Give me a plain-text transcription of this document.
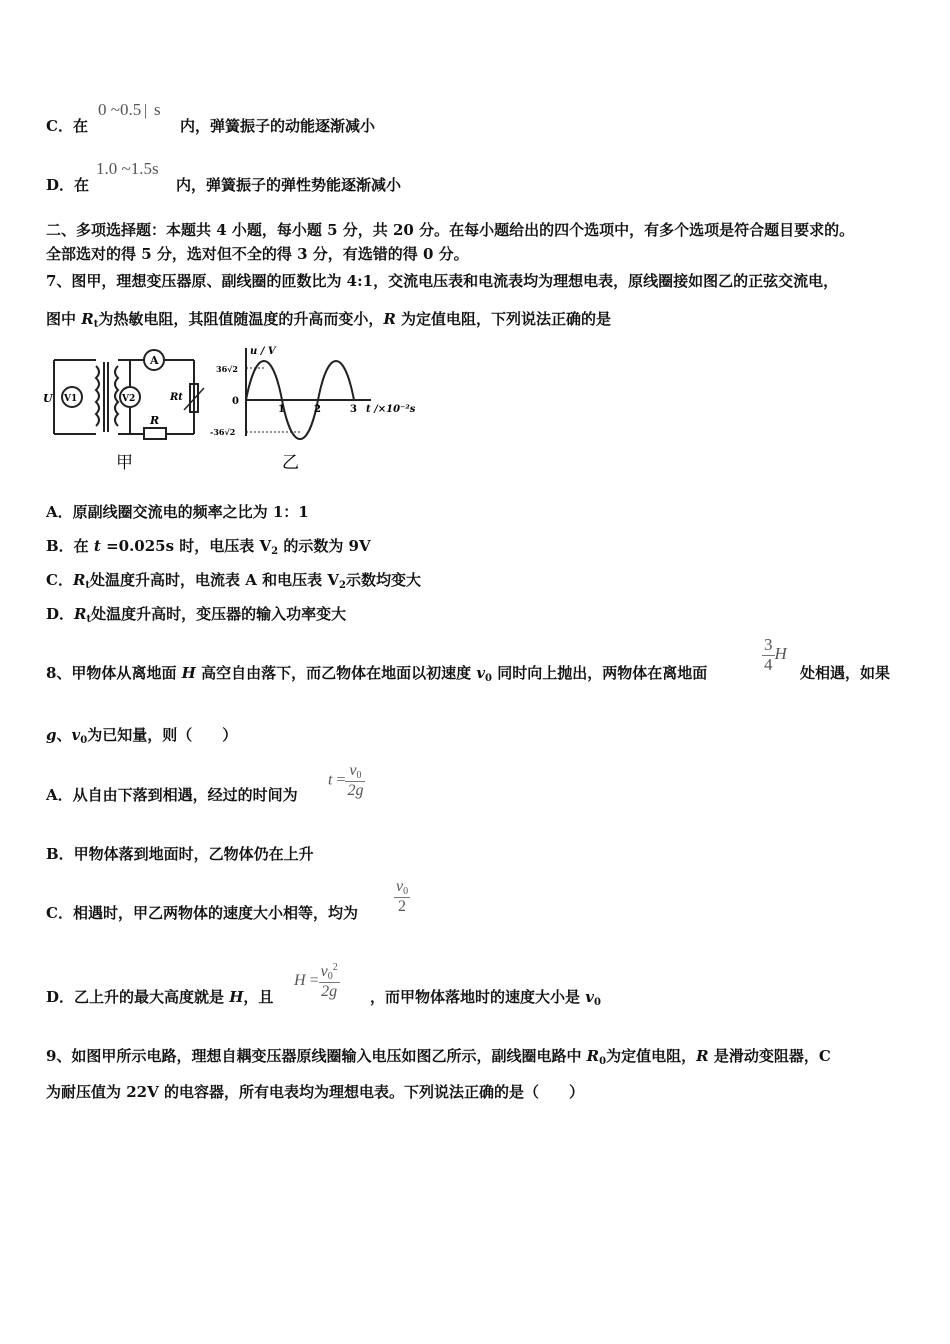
C．在
0 ~0.5│ s
内，弹簧振子的动能逐渐减小
D．在
1.0 ~1.5s
内，弹簧振子的弹性势能逐渐减小
二、多项选择题：本题共 4 小题，每小题 5 分，共 20 分。在每小题给出的四个选项中，有多个选项是符合题目要求的。
全部选对的得 5 分，选对但不全的得 3 分，有选错的得 0 分。
7、图甲，理想变压器原、副线圈的匝数比为 4:1，交流电压表和电流表均为理想电表，原线圈接如图乙的正弦交流电，
图中 $R_t$为热敏电阻，其阻值随温度的升高而变小，R 为定值电阻，下列说法正确的是
U V1	V2
A
R
Rt
甲
u / V
36√2
0
-36√2
1	2	3 t /×10⁻²s
乙
A．原副线圈交流电的频率之比为 1：1
B．在 t =0.025s 时，电压表 $V_2$ 的示数为 9V
C．$R_t$处温度升高时，电流表 A 和电压表 $V_2$示数均变大
D．$R_t$处温度升高时，变压器的输入功率变大
8、甲物体从离地面 H 高空自由落下，而乙物体在地面以初速度 $v_0$ 同时向上抛出，两物体在离地面	$\frac{3}{4}$ H
处相遇，如果
g、$v_0$为已知量，则（　　）
A．从自由下落到相遇，经过的时间为
$t = \frac{v_0}{2g}$
B．甲物体落到地面时，乙物体仍在上升
C．相遇时，甲乙两物体的速度大小相等，均为 $\frac{v_0}{2}$
D．乙上升的最大高度就是 H，且
$H = \frac{v_0^2}{2g}$ ，而甲物体落地时的速度大小是 $v_0$
9、如图甲所示电路，理想自耦变压器原线圈输入电压如图乙所示，副线圈电路中 $R_0$为定值电阻，R 是滑动变阻器，C
为耐压值为 22V 的电容器，所有电表均为理想电表。下列说法正确的是（　　）
